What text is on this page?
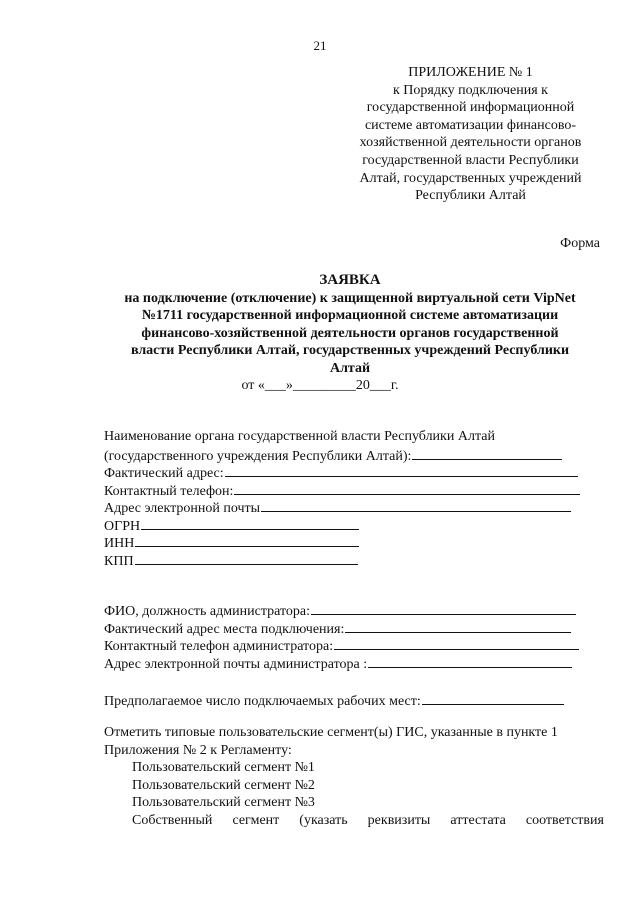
21
ПРИЛОЖЕНИЕ № 1
к Порядку подключения к
государственной информационной
системе автоматизации финансово-
хозяйственной деятельности органов
государственной власти Республики
Алтай, государственных учреждений
Республики Алтай
Форма
ЗАЯВКА
на подключение (отключение) к защищенной виртуальной сети VipNet
№1711 государственной информационной системе автоматизации
финансово-хозяйственной деятельности органов государственной
власти Республики Алтай, государственных учреждений Республики
Алтай
от «___»_________20___г.
Наименование органа государственной власти Республики Алтай
(государственного учреждения Республики Алтай):
Фактический адрес:
Контактный телефон:
Адрес электронной почты
ОГРН
ИНН
КПП
ФИО, должность администратора:
Фактический адрес места подключения:
Контактный телефон администратора:
Адрес электронной почты администратора :
Предполагаемое число подключаемых рабочих мест:
Отметить типовые пользовательские сегмент(ы) ГИС, указанные в пункте 1
Приложения № 2 к Регламенту:
Пользовательский сегмент №1
Пользовательский сегмент №2
Пользовательский сегмент №3
Собственный сегмент (указать реквизиты аттестата соответствия
